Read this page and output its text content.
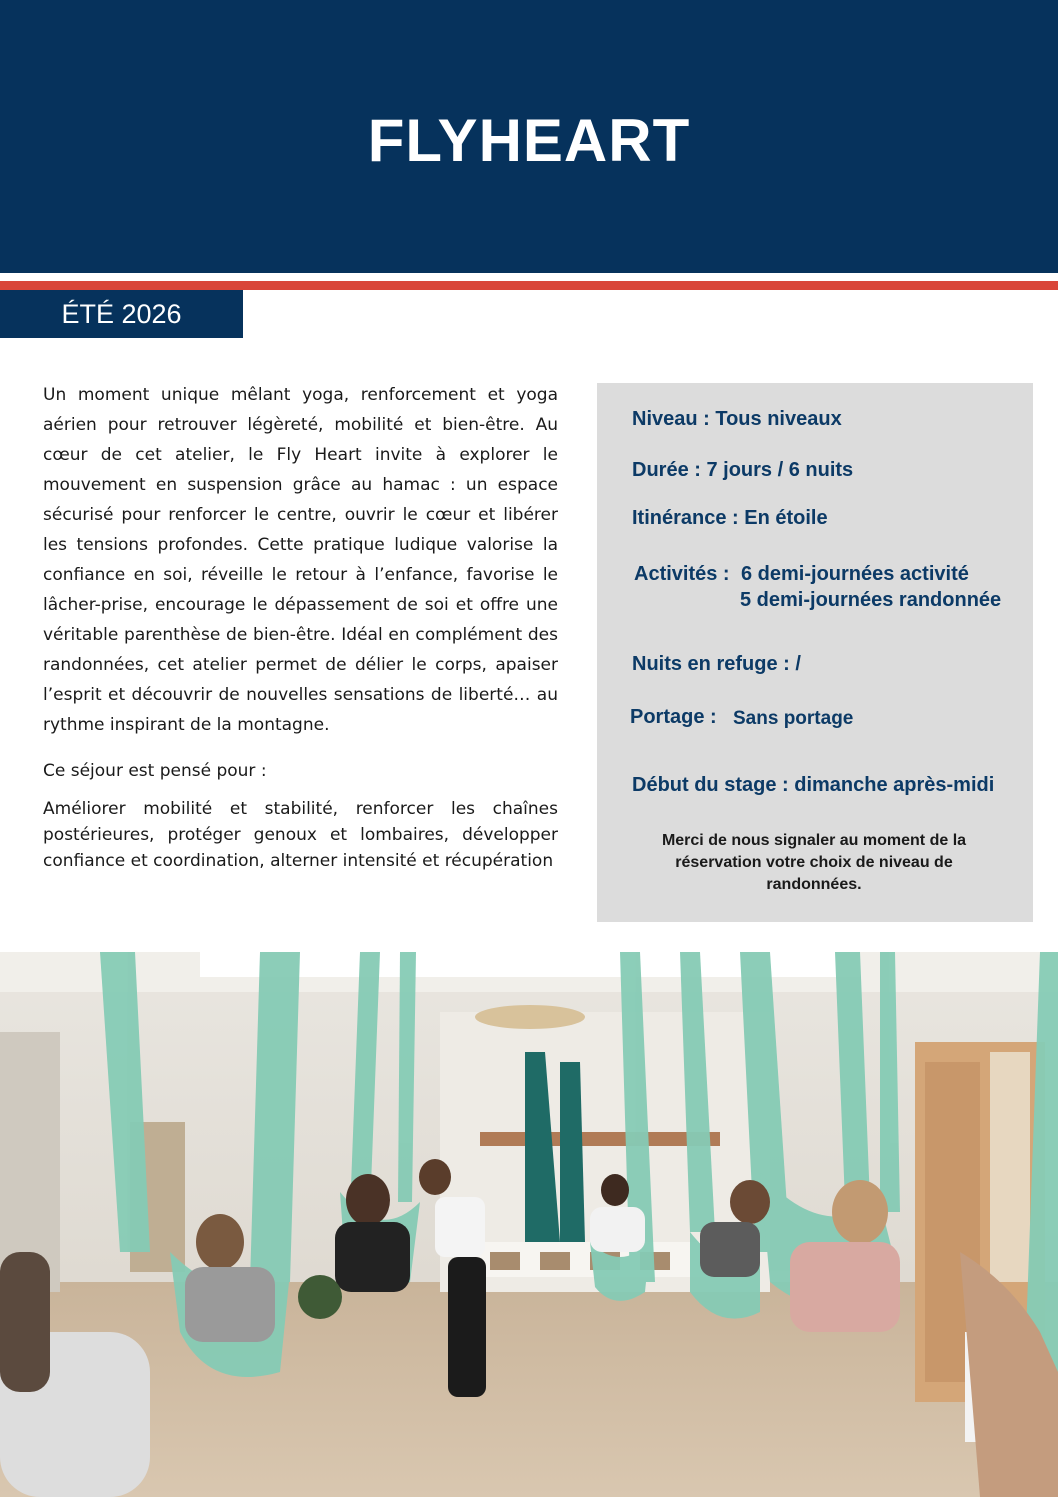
FLYHEART
ÉTÉ 2026

Un moment unique mêlant yoga, renforcement et yoga aérien pour retrouver légèreté, mobilité et bien-être. Au cœur de cet atelier, le Fly Heart invite à explorer le mouvement en suspension grâce au hamac : un espace sécurisé pour renforcer le centre, ouvrir le cœur et libérer les tensions profondes. Cette pratique ludique valorise la confiance en soi, réveille le retour à l’enfance, favorise le lâcher-prise, encourage le dépassement de soi et offre une véritable parenthèse de bien-être. Idéal en complément des randonnées, cet atelier permet de délier le corps, apaiser l’esprit et découvrir de nouvelles sensations de liberté… au rythme inspirant de la montagne.

Ce séjour est pensé pour :
Améliorer mobilité et stabilité, renforcer les chaînes postérieures, protéger genoux et lombaires, développer confiance et coordination, alterner intensité et récupération
Niveau : Tous niveaux
Durée : 7 jours / 6 nuits
Itinérance : En étoile
Activités : 6 demi-journées activité
5 demi-journées randonnée
Nuits en refuge : /
Portage : Sans portage
Début du stage : dimanche après-midi
Merci de nous signaler au moment de la réservation votre choix de niveau de randonnées.
